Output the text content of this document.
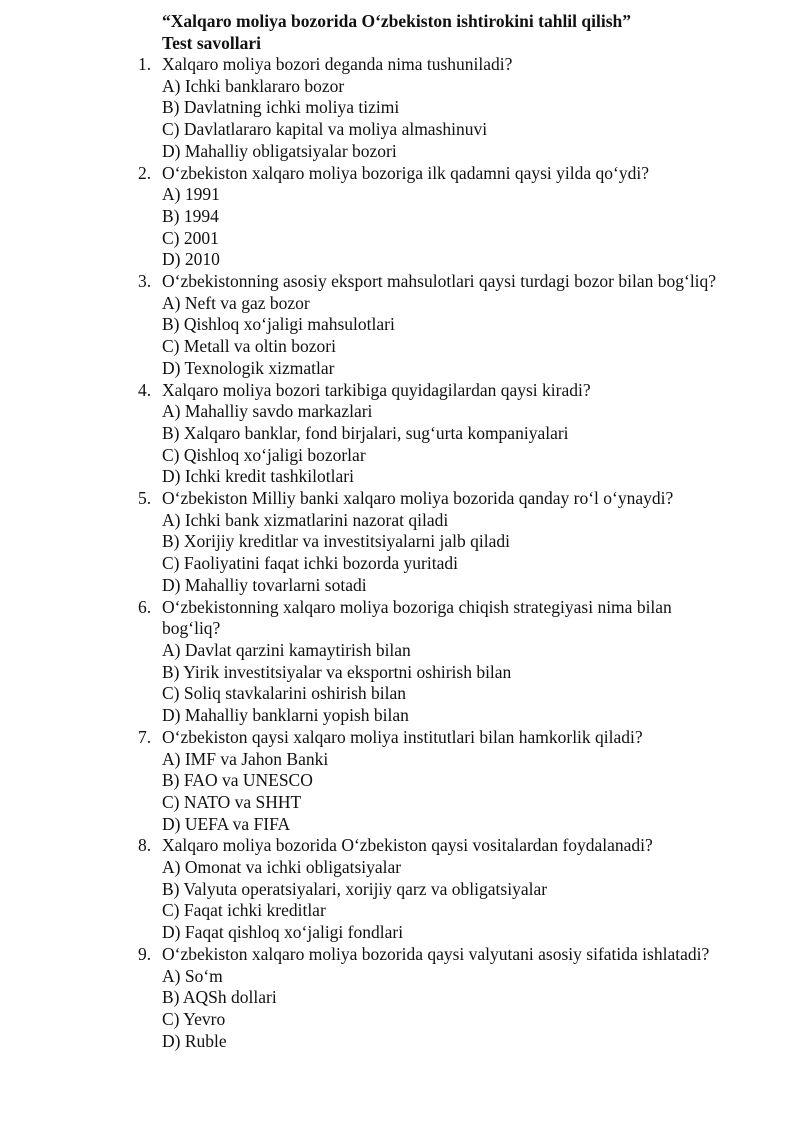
“Xalqaro moliya bozorida O‘zbekiston ishtirokini tahlil qilish”
Test savollari
1. Xalqaro moliya bozori deganda nima tushuniladi?
A) Ichki banklararo bozor
B) Davlatning ichki moliya tizimi
C) Davlatlararo kapital va moliya almashinuvi
D) Mahalliy obligatsiyalar bozori
2. O‘zbekiston xalqaro moliya bozoriga ilk qadamni qaysi yilda qo‘ydi?
A) 1991
B) 1994
C) 2001
D) 2010
3. O‘zbekistonning asosiy eksport mahsulotlari qaysi turdagi bozor bilan bog‘liq?
A) Neft va gaz bozor
B) Qishloq xo‘jaligi mahsulotlari
C) Metall va oltin bozori
D) Texnologik xizmatlar
4. Xalqaro moliya bozori tarkibiga quyidagilardan qaysi kiradi?
A) Mahalliy savdo markazlari
B) Xalqaro banklar, fond birjalari, sug‘urta kompaniyalari
C) Qishloq xo‘jaligi bozorlar
D) Ichki kredit tashkilotlari
5. O‘zbekiston Milliy banki xalqaro moliya bozorida qanday ro‘l o‘ynaydi?
A) Ichki bank xizmatlarini nazorat qiladi
B) Xorijiy kreditlar va investitsiyalarni jalb qiladi
C) Faoliyatini faqat ichki bozorda yuritadi
D) Mahalliy tovarlarni sotadi
6. O‘zbekistonning xalqaro moliya bozoriga chiqish strategiyasi nima bilan bog‘liq?
A) Davlat qarzini kamaytirish bilan
B) Yirik investitsiyalar va eksportni oshirish bilan
C) Soliq stavkalarini oshirish bilan
D) Mahalliy banklarni yopish bilan
7. O‘zbekiston qaysi xalqaro moliya institutlari bilan hamkorlik qiladi?
A) IMF va Jahon Banki
B) FAO va UNESCO
C) NATO va SHHT
D) UEFA va FIFA
8. Xalqaro moliya bozorida O‘zbekiston qaysi vositalardan foydalanadi?
A) Omonat va ichki obligatsiyalar
B) Valyuta operatsiyalari, xorijiy qarz va obligatsiyalar
C) Faqat ichki kreditlar
D) Faqat qishloq xo‘jaligi fondlari
9. O‘zbekiston xalqaro moliya bozorida qaysi valyutani asosiy sifatida ishlatadi?
A) So‘m
B) AQSh dollari
C) Yevro
D) Ruble
